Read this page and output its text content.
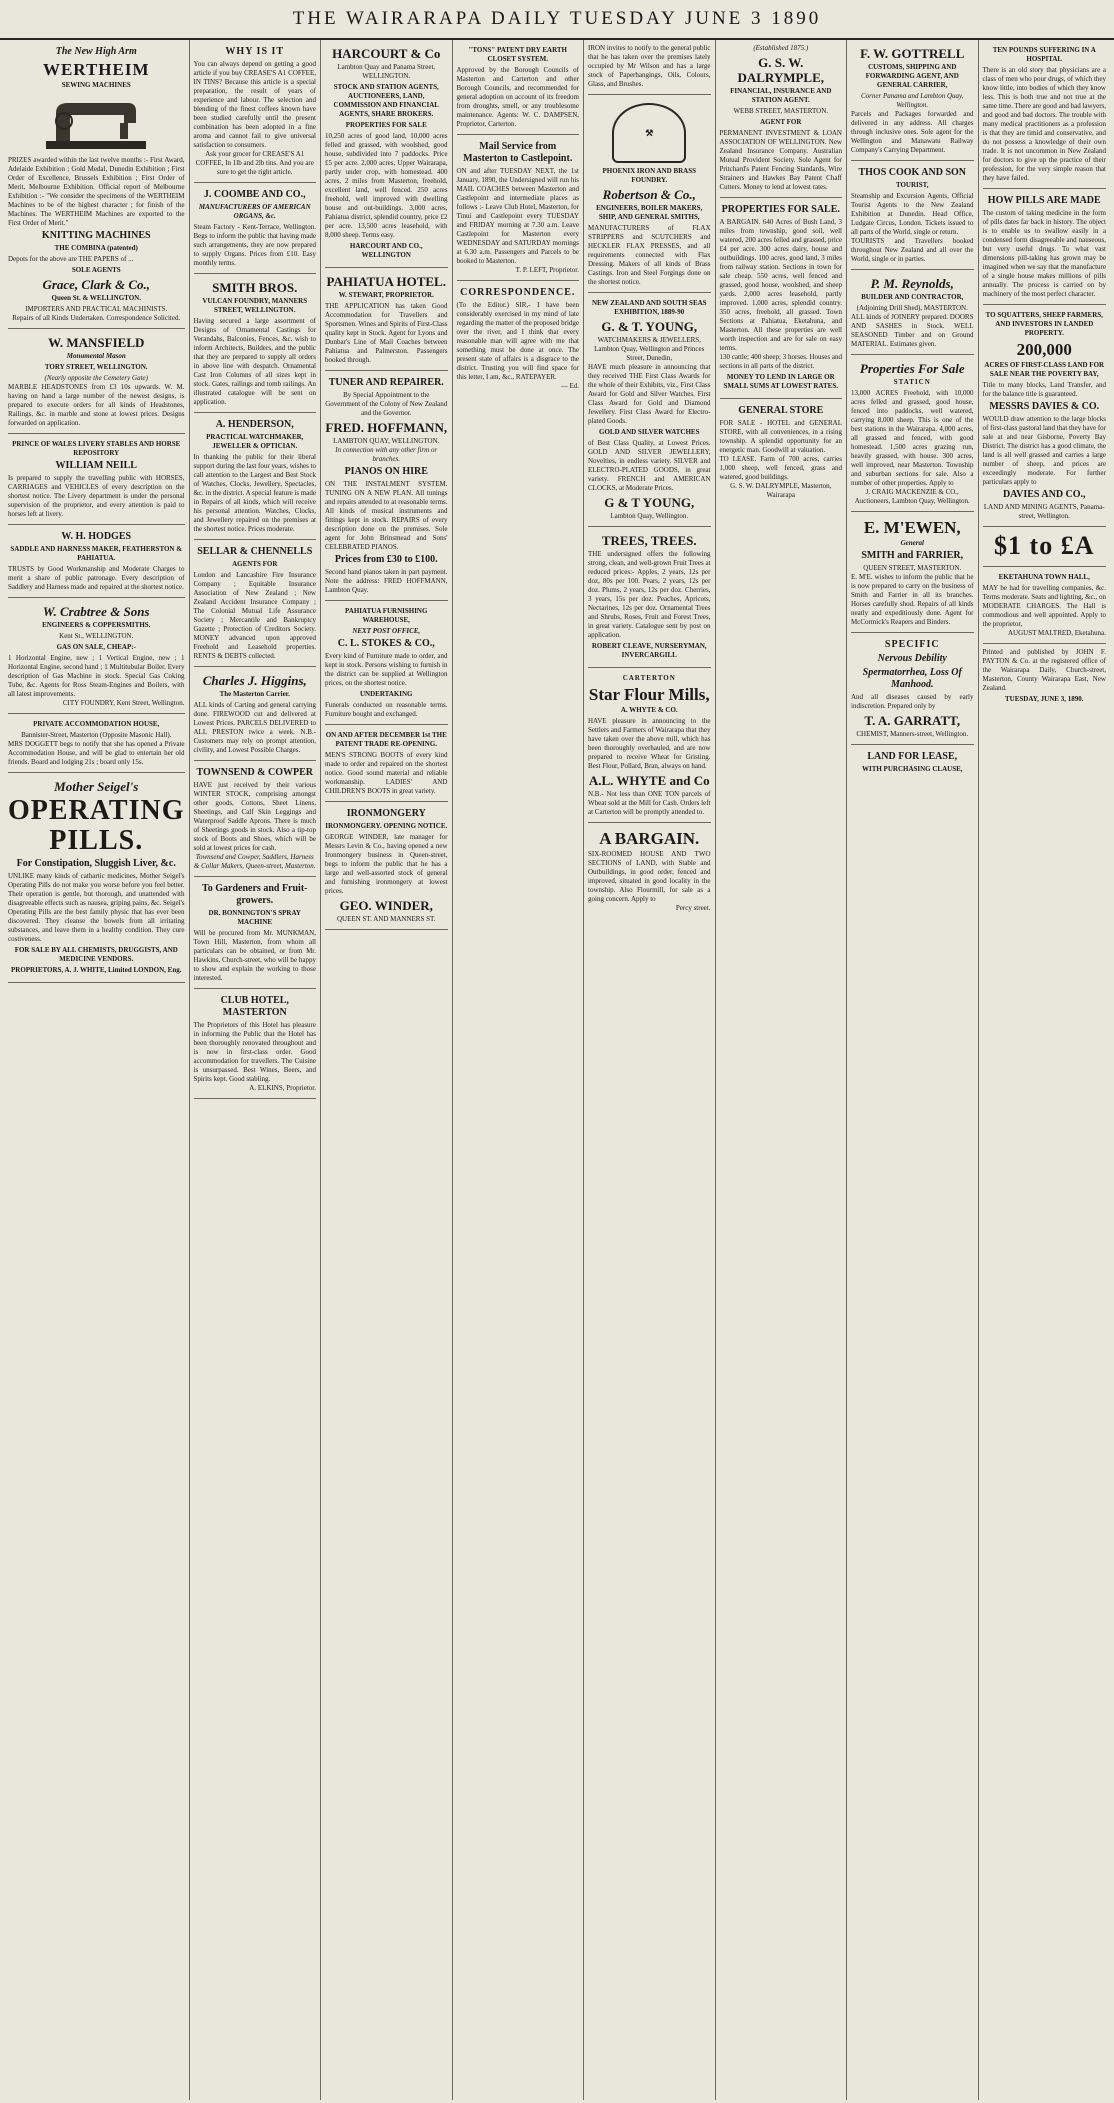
THE WAIRARAPA DAILY TUESDAY JUNE 3 1890
The New High Arm
WERTHEIM
SEWING MACHINES
PRIZES awarded within the last twelve months :- First Award, Adelaide Exhibition ; Gold Medal, Dunedin Exhibition ; First Order of Excellence, Brussels Exhibition ; First Order of Merit, Melbourne Exhibition. Official report of Melbourne Exhibition :- "We consider the specimens of the WERTHEIM Machines to be of the highest character ; for finish of the Machines. The WERTHEIM Machines are exported to the First Order of Merit."
KNITTING MACHINES
THE COMBINA (patented)
Depots for the above are THE PAPERS of ...
SOLE AGENTS
Grace, Clark & Co.,
Queen St. & WELLINGTON.
IMPORTERS AND PRACTICAL MACHINISTS.
Repairs of all Kinds Undertaken. Correspondence Solicited.
W. MANSFIELD
Monumental Mason
TORY STREET, WELLINGTON.
(Nearly opposite the Cemetery Gate)
MARBLE HEADSTONES from £3 10s upwards. W. M. having on hand a large number of the newest designs, is prepared to execute orders for all kinds of Headstones, Railings, &c. in marble and stone at lowest prices. Designs forwarded on application.
PRINCE OF WALES LIVERY STABLES AND HORSE REPOSITORY
WILLIAM NEILL
Is prepared to supply the travelling public with HORSES, CARRIAGES and VEHICLES of every description on the shortest notice. The Livery department is under the personal supervision of the proprietor, and every attention is paid to horses left at livery.
W. H. HODGES
SADDLE AND HARNESS MAKER, FEATHERSTON & PAHIATUA.
TRUSTS by Good Workmanship and Moderate Charges to merit a share of public patronage. Every description of Saddlery and Harness made and repaired at the shortest notice.
W. Crabtree & Sons
ENGINEERS & COPPERSMITHS.
Kent St., WELLINGTON.
GAS ON SALE, CHEAP:-
1 Horizontal Engine, new ; 1 Vertical Engine, new ; 1 Horizontal Engine, second hand ; 1 Multitubular Boiler. Every description of Gas Machine in stock. Special Gas Coking Tube, &c. Agents for Ross Steam-Engines and Boilers, with all latest improvements.
CITY FOUNDRY, Kent Street, Wellington.
PRIVATE ACCOMMODATION HOUSE,
Bannister-Street, Masterton (Opposite Masonic Hall).
MRS DOGGETT begs to notify that she has opened a Private Accommodation House, and will be glad to entertain her old friends. Board and lodging 21s ; board only 15s.
Mother Seigel's
OPERATING PILLS.
For Constipation, Sluggish Liver, &c.
UNLIKE many kinds of cathartic medicines, Mother Seigel's Operating Pills do not make you worse before you feel better. Their operation is gentle, but thorough, and unattended with disagreeable effects such as nausea, griping pains, &c. Seigel's Operating Pills are the best family physic that has ever been discovered. They cleanse the bowels from all irritating substances, and leave them in a healthy condition. They cure costiveness.
FOR SALE BY ALL CHEMISTS, DRUGGISTS, AND MEDICINE VENDORS.
PROPRIETORS, A. J. WHITE, Limited LONDON, Eng.
WHY IS IT
You can always depend on getting a good article if you buy CREASE'S A1 COFFEE, IN TINS? Because this article is a special preparation, the result of years of experience and labour. The selection and blending of the finest coffees known have been studied carefully until the present combination has been adopted in a fine aroma and cannot fail to give universal satisfaction to consumers.
Ask your grocer for CREASE'S A1 COFFEE, In 1lb and 2lb tins. And you are sure to get the right article.
J. COOMBE AND CO.,
MANUFACTURERS OF AMERICAN ORGANS, &c.
Steam Factory - Kent-Terrace, Wellington. Begs to inform the public that having made such arrangements, they are now prepared to supply Organs. Prices from £10. Easy monthly terms.
SMITH BROS.
VULCAN FOUNDRY, MANNERS STREET, WELLINGTON.
Having secured a large assortment of Designs of Ornamental Castings for Verandahs, Balconies, Fences, &c. wish to inform Architects, Builders, and the public that they are prepared to supply all orders in above line with despatch. Ornamental Cast Iron Columns of all sizes kept in stock. Gates, railings and tomb railings. An illustrated catalogue will be sent on application.
A. HENDERSON,
PRACTICAL WATCHMAKER, JEWELLER & OPTICIAN.
In thanking the public for their liberal support during the last four years, wishes to call attention to the Largest and Best Stock of Watches, Clocks, Jewellery, Spectacles, &c. in the district. A special feature is made in Repairs of all kinds, which will receive his personal attention. Watches, Clocks, and Jewellery repaired on the premises at the shortest notice. Prices moderate.
SELLAR & CHENNELLS
AGENTS FOR
London and Lancashire Fire Insurance Company ; Equitable Insurance Association of New Zealand ; New Zealand Accident Insurance Company ; The Colonial Mutual Life Assurance Society ; Mercantile and Bankruptcy Gazette ; Protection of Creditors Society. MONEY advanced upon approved Freehold and Leasehold properties. RENTS & DEBTS collected.
Charles J. Higgins,
The Masterton Carrier.
ALL kinds of Carting and general carrying done. FIREWOOD cut and delivered at Lowest Prices. PARCELS DELIVERED to ALL PRESTON twice a week. N.B.- Customers may rely on prompt attention, civility, and Lowest Possible Charges.
TOWNSEND & COWPER
HAVE just received by their various WINTER STOCK, comprising amongst other goods, Cottons, Sheet Linens, Sheetings, and Calf Skin Leggings and Waterproof Saddle Aprons. There is much of Sheetings goods in stock. Also a tip-top stock of Boots and Shoes, which will be sold at lowest prices for cash.
Townsend and Cowper, Saddlers, Harness & Collar Makers, Queen-street, Masterton.
To Gardeners and Fruit-growers.
DR. BONNINGTON'S SPRAY MACHINE
Will be procured from Mr. MUNKMAN, Town Hill, Masterton, from whom all particulars can be obtained, or from Mr. Hawkins, Church-street, who will be happy to show and explain the working to those interested.
CLUB HOTEL, MASTERTON
The Proprietors of this Hotel has pleasure in informing the Public that the Hotel has been thoroughly renovated throughout and is now in first-class order. Good accommodation for travellers. The Cuisine is unsurpassed. Best Wines, Beers, and Spirits kept. Good stabling.
A. ELKINS, Proprietor.
HARCOURT & Co
Lambton Quay and Panama Street, WELLINGTON.
STOCK AND STATION AGENTS, AUCTIONEERS, LAND, COMMISSION AND FINANCIAL AGENTS, SHARE BROKERS.
PROPERTIES FOR SALE
10,250 acres of good land, 10,000 acres felled and grassed, with woolshed, good house, subdivided into 7 paddocks. Price £5 per acre. 2,000 acres, Upper Wairarapa, partly under crop, with homestead. 400 acres, 2 miles from Masterton, freehold, excellent land, well fenced. 250 acres freehold, well improved with dwelling house and out-buildings. 3,000 acres, Pahiatua district, splendid country, price £2 per acre. 13,500 acres leasehold, with 8,000 sheep. Terms easy.
HARCOURT AND CO., WELLINGTON
PAHIATUA HOTEL.
W. STEWART, PROPRIETOR.
THE APPLICATION has taken Good Accommodation for Travellers and Sportsmen. Wines and Spirits of First-Class quality kept in Stock. Agent for Lyons and Dunbar's Line of Mail Coaches between Pahiatua and Palmerston. Passengers booked through.
TUNER AND REPAIRER.
By Special Appointment to the Government of the Colony of New Zealand and the Governor.
FRED. HOFFMANN,
LAMBTON QUAY, WELLINGTON.
In connection with any other firm or branches.
PIANOS ON HIRE
ON THE INSTALMENT SYSTEM. TUNING ON A NEW PLAN. All tunings and repairs attended to at reasonable terms. All kinds of musical instruments and fittings kept in stock. REPAIRS of every description done on the premises. Sole agent for John Brinsmead and Sons' CELEBRATED PIANOS.
Prices from £30 to £100.
Second hand pianos taken in part payment. Note the address: FRED HOFFMANN, Lambton Quay.
PAHIATUA FURNISHING WAREHOUSE,
NEXT POST OFFICE,
C. L. STOKES & CO.,
Every kind of Furniture made to order, and kept in stock. Persons wishing to furnish in the district can be supplied at Wellington prices, on the shortest notice.
UNDERTAKING
Funerals conducted on reasonable terms. Furniture bought and exchanged.
ON AND AFTER DECEMBER 1st THE PATENT TRADE RE-OPENING.
MEN'S STRONG BOOTS of every kind made to order and repaired on the shortest notice. Good sound material and reliable workmanship. LADIES' AND CHILDREN'S BOOTS in great variety.
IRONMONGERY
IRONMONGERY. OPENING NOTICE.
GEORGE WINDER, late manager for Messrs Levin & Co., having opened a new Ironmongery business in Queen-street, begs to inform the public that he has a large and well-assorted stock of general and furnishing ironmongery at lowest prices.
GEO. WINDER,
QUEEN ST. AND MANNERS ST.
"TONS" PATENT DRY EARTH CLOSET SYSTEM.
Approved by the Borough Councils of Masterton and Carterton and other Borough Councils, and recommended for general adoption on account of its freedom from droughts, smell, or any troublesome maintenance. Agents: W. C. DAMPSEN, Proprietor, Carterton.
Mail Service from Masterton to Castlepoint.
ON and after TUESDAY NEXT, the 1st January, 1890, the Undersigned will run his MAIL COACHES between Masterton and Castlepoint and intermediate places as follows :- Leave Club Hotel, Masterton, for Tinui and Castlepoint every TUESDAY and FRIDAY morning at 7.30 a.m. Leave Castlepoint for Masterton every WEDNESDAY and SATURDAY mornings at 6.30 a.m. Passengers and Parcels to be booked to Masterton.
T. P. LEFT, Proprietor.
CORRESPONDENCE.
(To the Editor.) SIR,- I have been considerably exercised in my mind of late regarding the matter of the proposed bridge over the river, and I think that every reasonable man will agree with me that something must be done at once. The present state of affairs is a disgrace to the district. Trusting you will find space for this letter, I am, &c., RATEPAYER.
— Ed.
IRON invites to notify to the general public that he has taken over the premises lately occupied by Mr Wilson and has a large stock of Paperhangings, Oils, Colours, Glass, and Brushes.
⚒
PHOENIX IRON AND BRASS FOUNDRY.
Robertson & Co.,
ENGINEERS, BOILER MAKERS, SHIP, AND GENERAL SMITHS,
MANUFACTURERS of FLAX STRIPPERS and SCUTCHERS and HECKLER FLAX PRESSES, and all requirements connected with Flax Dressing. Makers of all kinds of Brass Castings. Iron and Steel Forgings done on the shortest notice.
NEW ZEALAND AND SOUTH SEAS EXHIBITION, 1889-90
G. & T. YOUNG,
WATCHMAKERS & JEWELLERS, Lambton Quay, Wellington and Princes Street, Dunedin,
HAVE much pleasure in announcing that they received THE First Class Awards for the whole of their Exhibits, viz., First Class Award for Gold and Silver Watches. First Class Award for Gold and Diamond Jewellery. First Class Award for Electro-plated Goods.
GOLD AND SILVER WATCHES
of Best Class Quality, at Lowest Prices. GOLD AND SILVER JEWELLERY, Novelties, in endless variety. SILVER and ELECTRO-PLATED GOODS, in great variety. FRENCH and AMERICAN CLOCKS, at Moderate Prices.
G & T YOUNG,
Lambton Quay, Wellington.
TREES, TREES.
THE undersigned offers the following strong, clean, and well-grown Fruit Trees at reduced prices:- Apples, 2 years, 12s per doz, 80s per 100. Pears, 2 years, 12s per doz. Plums, 2 years, 12s per doz. Cherries, 3 years, 15s per doz. Peaches, Apricots, Nectarines, 12s per doz. Ornamental Trees and Shrubs, Roses, Fruit and Forest Trees, in great variety. Catalogue sent by post on application.
ROBERT CLEAVE, NURSERYMAN, INVERCARGILL
CARTERTON
Star Flour Mills,
A. WHYTE & CO.
HAVE pleasure in announcing to the Settlers and Farmers of Wairarapa that they have taken over the above mill, which has been thoroughly overhauled, and are now prepared to receive Wheat for Gristing. Best Flour, Pollard, Bran, always on hand.
A.L. WHYTE and Co
N.B.- Not less than ONE TON parcels of Wheat sold at the Mill for Cash. Orders left at Carterton will be promptly attended to.
A BARGAIN.
SIX-ROOMED HOUSE AND TWO SECTIONS of LAND, with Stable and Outbuildings, in good order, fenced and improved, situated in good locality in the township. Also Flourmill, for sale as a going concern. Apply to
Percy street.
(Established 1875.)
G. S. W. DALRYMPLE,
FINANCIAL, INSURANCE AND STATION AGENT.
WEBB STREET, MASTERTON.
AGENT FOR
PERMANENT INVESTMENT & LOAN ASSOCIATION OF WELLINGTON. New Zealand Insurance Company. Australian Mutual Provident Society. Sole Agent for Pritchard's Patent Fencing Standards, Wire Strainers and Hawkes Bay Patent Chaff Cutters. Money to lend at lowest rates.
PROPERTIES FOR SALE.
A BARGAIN. 640 Acres of Bush Land, 3 miles from township, good soil, well watered, 200 acres felled and grassed, price £4 per acre. 300 acres dairy, house and outbuildings. 100 acres, good land, 3 miles from railway station. Sections in town for sale cheap. 550 acres, well fenced and grassed, good house, woolshed, and sheep yards. 2,000 acres leasehold, partly improved. 1,000 acres, splendid country. 350 acres, freehold, all grassed. Town Sections at Pahiatua, Eketahuna, and Masterton. All these properties are well worth inspection and are for sale on easy terms.
130 cattle; 400 sheep; 3 horses. Houses and sections in all parts of the district.
MONEY TO LEND IN LARGE OR SMALL SUMS AT LOWEST RATES.
GENERAL STORE
FOR SALE - HOTEL and GENERAL STORE, with all conveniences, in a rising township. A splendid opportunity for an energetic man. Goodwill at valuation.
TO LEASE. Farm of 700 acres, carries 1,000 sheep, well fenced, grass and watered, good buildings.
G. S. W. DALRYMPLE, Masterton, Wairarapa
F. W. GOTTRELL
CUSTOMS, SHIPPING AND FORWARDING AGENT, AND GENERAL CARRIER,
Corner Panama and Lambton Quay, Wellington.
Parcels and Packages forwarded and delivered in any address. All charges through inclusive ones. Sole agent for the Wellington and Manawatu Railway Company's Carrying Department.
THOS COOK AND SON
TOURIST,
Steamship and Excursion Agents, Official Tourist Agents to the New Zealand Exhibition at Dunedin. Head Office, Ludgate Circus, London. Tickets issued to all parts of the World, single or return.
TOURISTS and Travellers booked throughout New Zealand and all over the World, single or in parties.
P. M. Reynolds,
BUILDER AND CONTRACTOR,
(Adjoining Drill Shed), MASTERTON.
ALL kinds of JOINERY prepared. DOORS AND SASHES in Stock. WELL SEASONED Timber and on Ground MATERIAL. Estimates given.
Properties For Sale
STATICN
13,000 ACRES Freehold, with 10,000 acres felled and grassed, good house, fenced into paddocks, well watered, carrying 8,000 sheep. This is one of the best stations in the Wairarapa. 4,000 acres, all grassed and fenced, with good homestead. 1,500 acres grazing run, heavily grassed, with house. 300 acres, well improved, near Masterton. Township and suburban sections for sale. Also a number of other properties. Apply to
J. CRAIG MACKENZIE & CO., Auctioneers, Lambton Quay, Wellington.
E. M'EWEN,
General
SMITH and FARRIER,
QUEEN STREET, MASTERTON.
E. M'E. wishes to inform the public that he is now prepared to carry on the business of Smith and Farrier in all its branches. Horses carefully shod. Repairs of all kinds neatly and expeditiously done. Agent for McCormick's Reapers and Binders.
SPECIFIC
Nervous Debility
Spermatorrhea, Loss Of Manhood.
And all diseases caused by early indiscretion. Prepared only by
T. A. GARRATT,
CHEMIST, Manners-street, Wellington.
LAND FOR LEASE,
WITH PURCHASING CLAUSE,
TEN POUNDS SUFFERING IN A HOSPITAL
There is an old story that physicians are a class of men who pour drugs, of which they know little, into bodies of which they know less. This is both true and not true at the same time. There are good and bad lawyers, and good and bad doctors. The trouble with many medical practitioners as a profession is that they are timid and conservative, and do not possess a knowledge of their own trade. It is not uncommon in New Zealand for doctors to give up the practice of their profession, for the very simple reason that they have failed.
HOW PILLS ARE MADE
The custom of taking medicine in the form of pills dates far back in history. The object is to enable us to swallow easily in a condensed form disagreeable and nauseous, but very useful drugs. To what vast dimensions pill-taking has grown may be imagined when we say that the manufacture of a single house makes millions of pills annually. The process is carried on by machinery of the most perfect character.
TO SQUATTERS, SHEEP FARMERS, AND INVESTORS IN LANDED PROPERTY.
200,000
ACRES OF FIRST-CLASS LAND FOR SALE NEAR THE POVERTY BAY,
Title to many blocks, Land Transfer, and for the balance title is guaranteed.
MESSRS DAVIES & CO.
WOULD draw attention to the large blocks of first-class pastoral land that they have for sale at and near Gisborne, Poverty Bay District. The district has a good climate, the land is all well grassed and carries a large number of sheep, and prices are exceedingly moderate. For further particulars apply to
DAVIES AND CO.,
LAND AND MINING AGENTS, Panama-street, Wellington.
$1 to £A
EKETAHUNA TOWN HALL,
MAY be had for travelling companies, &c. Terms moderate. Seats and lighting, &c., on MODERATE CHARGES. The Hall is commodious and well appointed. Apply to the proprietor,
AUGUST MALTRED, Eketahuna.
Printed and published by JOHN F. PAYTON & Co. at the registered office of the Wairarapa Daily, Church-street, Masterton, County Wairarapa East, New Zealand.
TUESDAY, JUNE 3, 1890.
